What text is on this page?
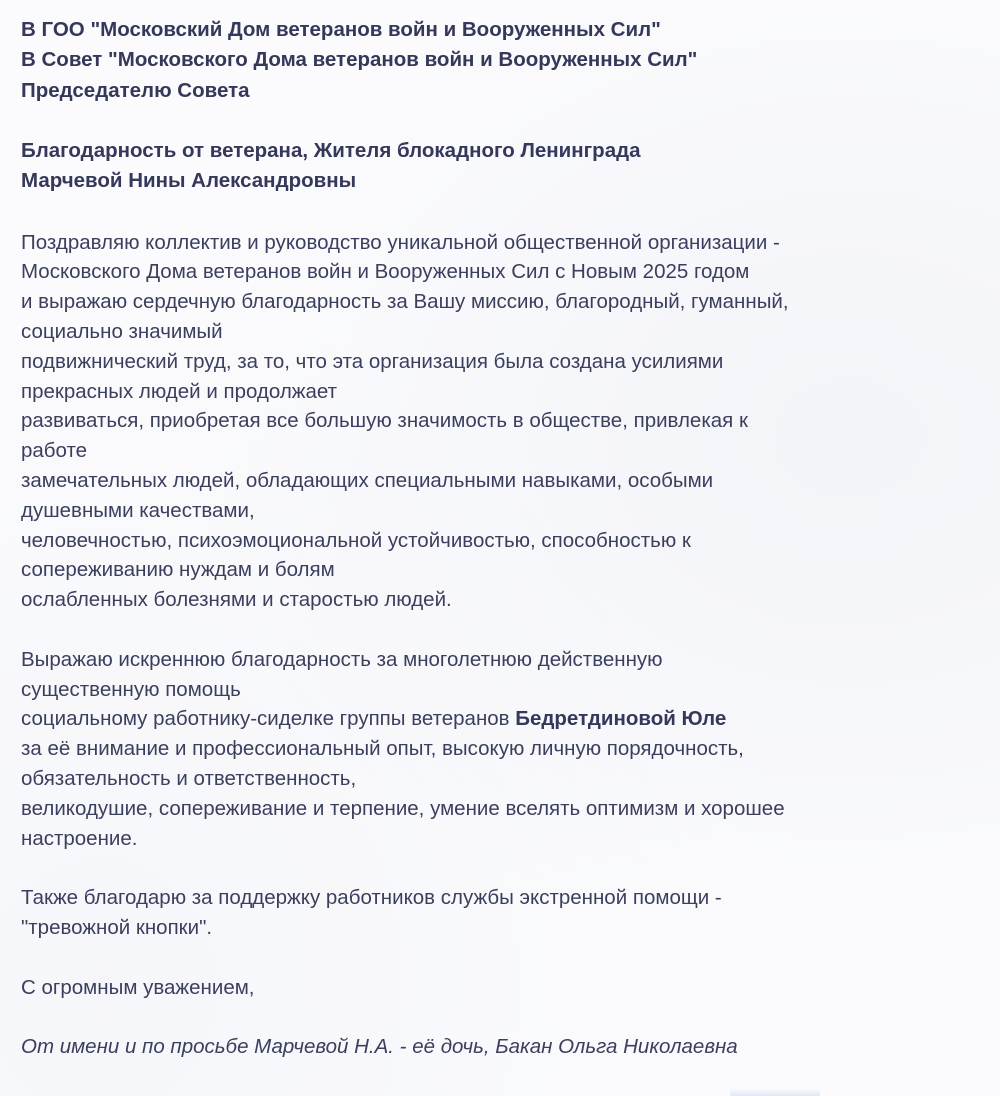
В ГОО "Московский Дом ветеранов войн и Вооруженных Сил"
В Совет "Московского Дома ветеранов войн и Вооруженных Сил"
Председателю Совета
Благодарность от ветерана, Жителя блокадного Ленинграда
Марчевой Нины Александровны
Поздравляю коллектив и руководство уникальной общественной организации -
Московского Дома ветеранов войн и Вооруженных Сил с Новым 2025 годом
и выражаю сердечную благодарность за Вашу миссию, благородный, гуманный,
социально значимый
подвижнический труд, за то, что эта организация была создана усилиями
прекрасных людей и продолжает
развиваться, приобретая все большую значимость в обществе, привлекая к
работе
замечательных людей, обладающих специальными навыками, особыми
душевными качествами,
человечностью, психоэмоциональной устойчивостью, способностью к
сопереживанию нуждам и болям
ослабленных болезнями и старостью людей.
Выражаю искреннюю благодарность за многолетнюю действенную
существенную помощь
социальному работнику-сиделке группы ветеранов Бедретдиновой Юле
за её внимание и профессиональный опыт, высокую личную порядочность,
обязательность и ответственность,
великодушие, сопереживание и терпение, умение вселять оптимизм и хорошее
настроение.
Также благодарю за поддержку работников службы экстренной помощи -
"тревожной кнопки".
С огромным уважением,
От имени и по просьбе Марчевой Н.А. - её дочь, Бакан Ольга Николаевна
